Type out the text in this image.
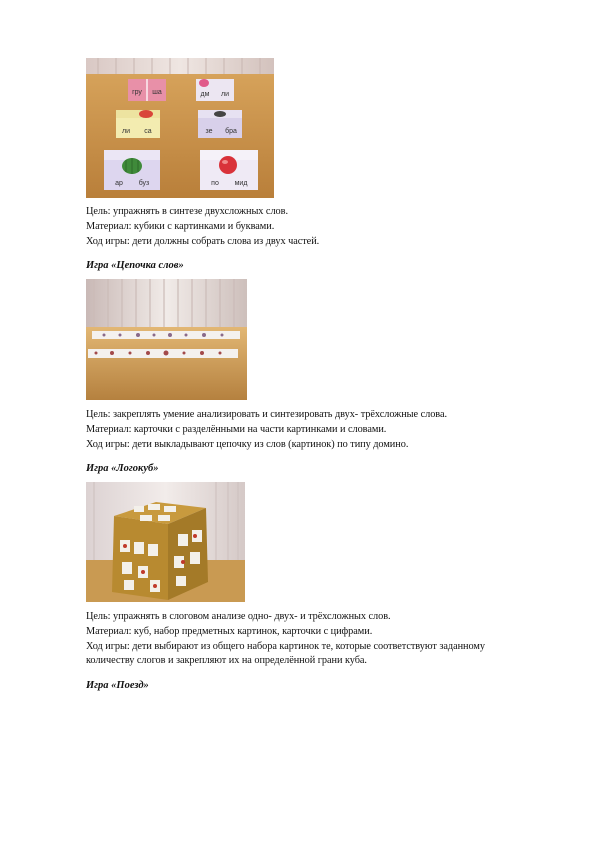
гру ша	дм ли
ли са	зе бра
ар буз	по мид
Цель: упражнять в синтезе двухсложных слов.
Материал: кубики с картинками и буквами.
Ход игры: дети должны собрать слова из двух частей.
Игра «Цепочка слов»
Цель: закреплять умение анализировать и синтезировать двух- трёхсложные слова.
Материал: карточки с разделёнными на части картинками и словами.
Ход игры: дети выкладывают цепочку из слов (картинок) по типу домино.
Игра «Логокуб»
Цель: упражнять в слоговом анализе одно- двух- и трёхсложных слов.
Материал: куб, набор предметных картинок, карточки с цифрами.
Ход игры: дети выбирают из общего набора картинок те, которые соответствуют заданному
количеству слогов и закрепляют их на определённой грани куба.
Игра «Поезд»
